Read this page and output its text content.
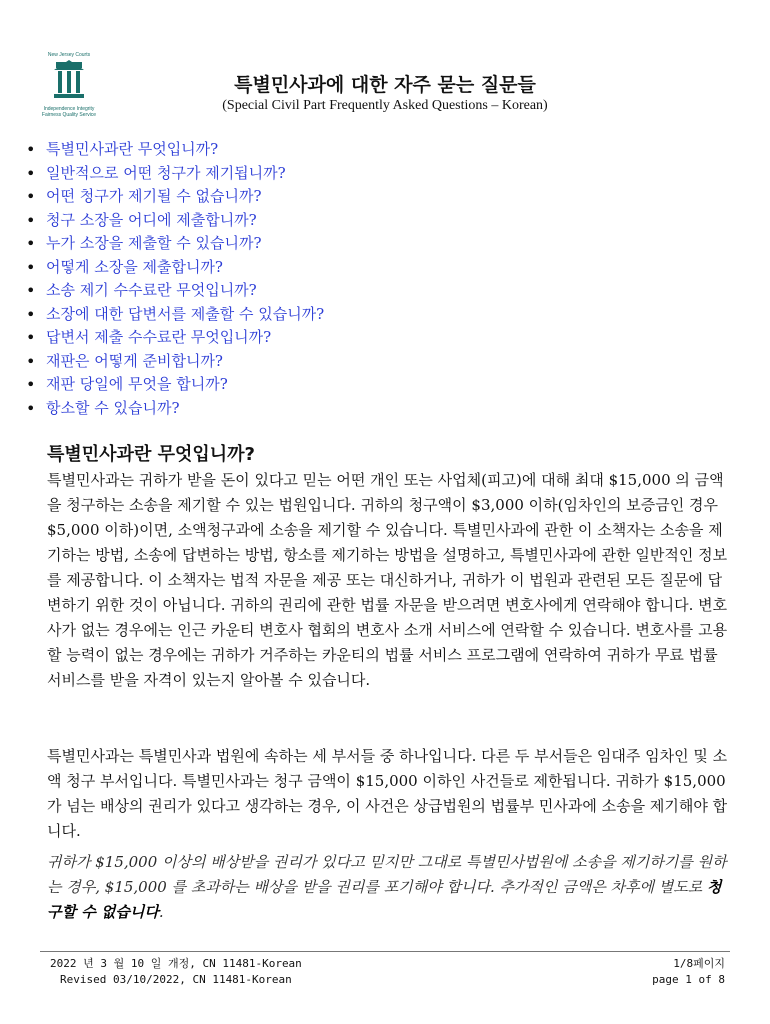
New Jersey Courts
Independence Integrity Fairness Quality Service
특별민사과에 대한 자주 묻는 질문들
(Special Civil Part Frequently Asked Questions – Korean)
• 특별민사과란 무엇입니까?
• 일반적으로 어떤 청구가 제기됩니까?
• 어떤 청구가 제기될 수 없습니까?
• 청구 소장을 어디에 제출합니까?
• 누가 소장을 제출할 수 있습니까?
• 어떻게 소장을 제출합니까?
• 소송 제기 수수료란 무엇입니까?
• 소장에 대한 답변서를 제출할 수 있습니까?
• 답변서 제출 수수료란 무엇입니까?
• 재판은 어떻게 준비합니까?
• 재판 당일에 무엇을 합니까?
• 항소할 수 있습니까?
특별민사과란 무엇입니까?

특별민사과는 귀하가 받을 돈이 있다고 믿는 어떤 개인 또는 사업체(피고)에 대해 최대 $15,000 의 금액을 청구하는 소송을 제기할 수 있는 법원입니다. 귀하의 청구액이 $3,000 이하(임차인의 보증금인 경우 $5,000 이하)이면, 소액청구과에 소송을 제기할 수 있습니다. 특별민사과에 관한 이 소책자는 소송을 제기하는 방법, 소송에 답변하는 방법, 항소를 제기하는 방법을 설명하고, 특별민사과에 관한 일반적인 정보를 제공합니다. 이 소책자는 법적 자문을 제공 또는 대신하거나, 귀하가 이 법원과 관련된 모든 질문에 답변하기 위한 것이 아닙니다. 귀하의 권리에 관한 법률 자문을 받으려면 변호사에게 연락해야 합니다. 변호사가 없는 경우에는 인근 카운티 변호사 협회의 변호사 소개 서비스에 연락할 수 있습니다. 변호사를 고용할 능력이 없는 경우에는 귀하가 거주하는 카운티의 법률 서비스 프로그램에 연락하여 귀하가 무료 법률 서비스를 받을 자격이 있는지 알아볼 수 있습니다.

특별민사과는 특별민사과 법원에 속하는 세 부서들 중 하나입니다. 다른 두 부서들은 임대주 임차인 및 소액 청구 부서입니다. 특별민사과는 청구 금액이 $15,000 이하인 사건들로 제한됩니다. 귀하가 $15,000 가 넘는 배상의 권리가 있다고 생각하는 경우, 이 사건은 상급법원의 법률부 민사과에 소송을 제기해야 합니다.

귀하가 $15,000 이상의 배상받을 권리가 있다고 믿지만 그대로 특별민사법원에 소송을 제기하기를 원하는 경우, $15,000 를 초과하는 배상을 받을 권리를 포기해야 합니다. 추가적인 금액은 차후에 별도로 청구할 수 없습니다.

2022 년 3 월 10 일 개정, CN 11481-Korean
Revised 03/10/2022, CN 11481-Korean
1/8페이지
page 1 of 8
